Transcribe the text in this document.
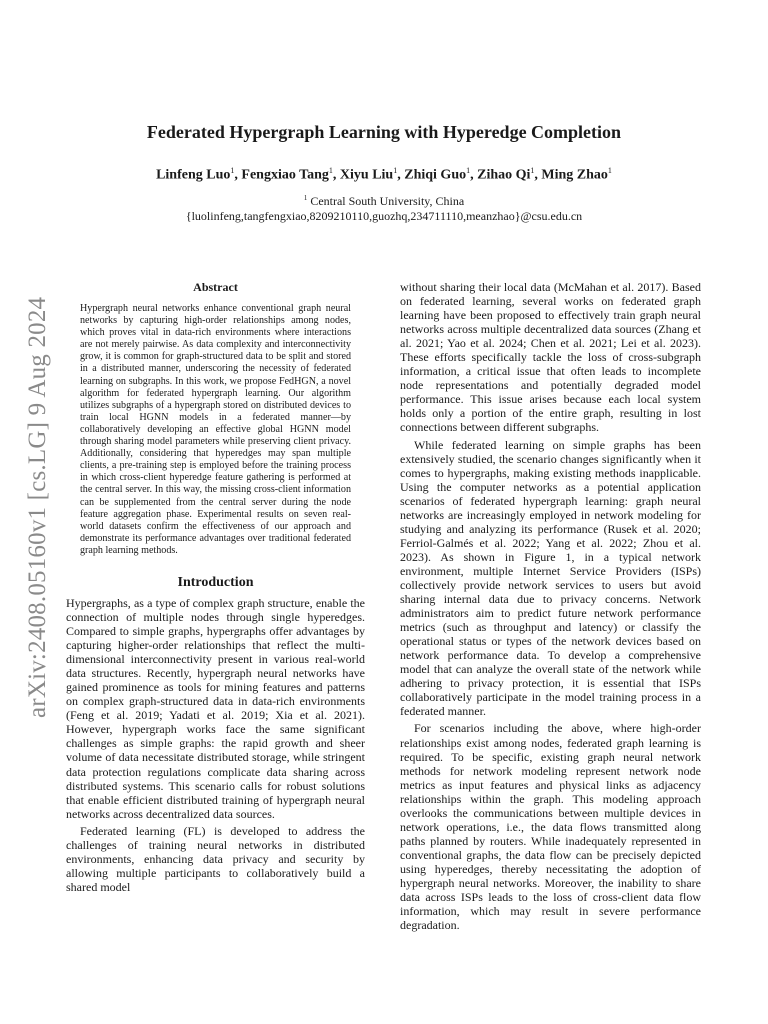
arXiv:2408.05160v1 [cs.LG] 9 Aug 2024
Federated Hypergraph Learning with Hyperedge Completion
Linfeng Luo$^1$, Fengxiao Tang$^1$, Xiyu Liu$^1$, Zhiqi Guo$^1$, Zihao Qi$^1$, Ming Zhao$^1$
$^1$ Central South University, China
{luolinfeng,tangfengxiao,8209210110,guozhq,234711110,meanzhao}@csu.edu.cn
Abstract

Hypergraph neural networks enhance conventional graph neural networks by capturing high-order relationships among nodes, which proves vital in data-rich environments where interactions are not merely pairwise. As data complexity and interconnectivity grow, it is common for graph-structured data to be split and stored in a distributed manner, underscoring the necessity of federated learning on subgraphs. In this work, we propose FedHGN, a novel algorithm for federated hypergraph learning. Our algorithm utilizes subgraphs of a hypergraph stored on distributed devices to train local HGNN models in a federated manner—by collaboratively developing an effective global HGNN model through sharing model parameters while preserving client privacy. Additionally, considering that hyperedges may span multiple clients, a pre-training step is employed before the training process in which cross-client hyperedge feature gathering is performed at the central server. In this way, the missing cross-client information can be supplemented from the central server during the node feature aggregation phase. Experimental results on seven real-world datasets confirm the effectiveness of our approach and demonstrate its performance advantages over traditional federated graph learning methods.

Introduction

Hypergraphs, as a type of complex graph structure, enable the connection of multiple nodes through single hyperedges. Compared to simple graphs, hypergraphs offer advantages by capturing higher-order relationships that reflect the multi-dimensional interconnectivity present in various real-world data structures. Recently, hypergraph neural networks have gained prominence as tools for mining features and patterns on complex graph-structured data in data-rich environments (Feng et al. 2019; Yadati et al. 2019; Xia et al. 2021). However, hypergraph works face the same significant challenges as simple graphs: the rapid growth and sheer volume of data necessitate distributed storage, while stringent data protection regulations complicate data sharing across distributed systems. This scenario calls for robust solutions that enable efficient distributed training of hypergraph neural networks across decentralized data sources.

Federated learning (FL) is developed to address the challenges of training neural networks in distributed environments, enhancing data privacy and security by allowing multiple participants to collaboratively build a shared model

without sharing their local data (McMahan et al. 2017). Based on federated learning, several works on federated graph learning have been proposed to effectively train graph neural networks across multiple decentralized data sources (Zhang et al. 2021; Yao et al. 2024; Chen et al. 2021; Lei et al. 2023). These efforts specifically tackle the loss of cross-subgraph information, a critical issue that often leads to incomplete node representations and potentially degraded model performance. This issue arises because each local system holds only a portion of the entire graph, resulting in lost connections between different subgraphs.

While federated learning on simple graphs has been extensively studied, the scenario changes significantly when it comes to hypergraphs, making existing methods inapplicable. Using the computer networks as a potential application scenarios of federated hypergraph learning: graph neural networks are increasingly employed in network modeling for studying and analyzing its performance (Rusek et al. 2020; Ferriol-Galmés et al. 2022; Yang et al. 2022; Zhou et al. 2023). As shown in Figure 1, in a typical network environment, multiple Internet Service Providers (ISPs) collectively provide network services to users but avoid sharing internal data due to privacy concerns. Network administrators aim to predict future network performance metrics (such as throughput and latency) or classify the operational status or types of the network devices based on network performance data. To develop a comprehensive model that can analyze the overall state of the network while adhering to privacy protection, it is essential that ISPs collaboratively participate in the model training process in a federated manner.

For scenarios including the above, where high-order relationships exist among nodes, federated graph learning is required. To be specific, existing graph neural network methods for network modeling represent network node metrics as input features and physical links as adjacency relationships within the graph. This modeling approach overlooks the communications between multiple devices in network operations, i.e., the data flows transmitted along paths planned by routers. While inadequately represented in conventional graphs, the data flow can be precisely depicted using hyperedges, thereby necessitating the adoption of hypergraph neural networks. Moreover, the inability to share data across ISPs leads to the loss of cross-client data flow information, which may result in severe performance degradation.
